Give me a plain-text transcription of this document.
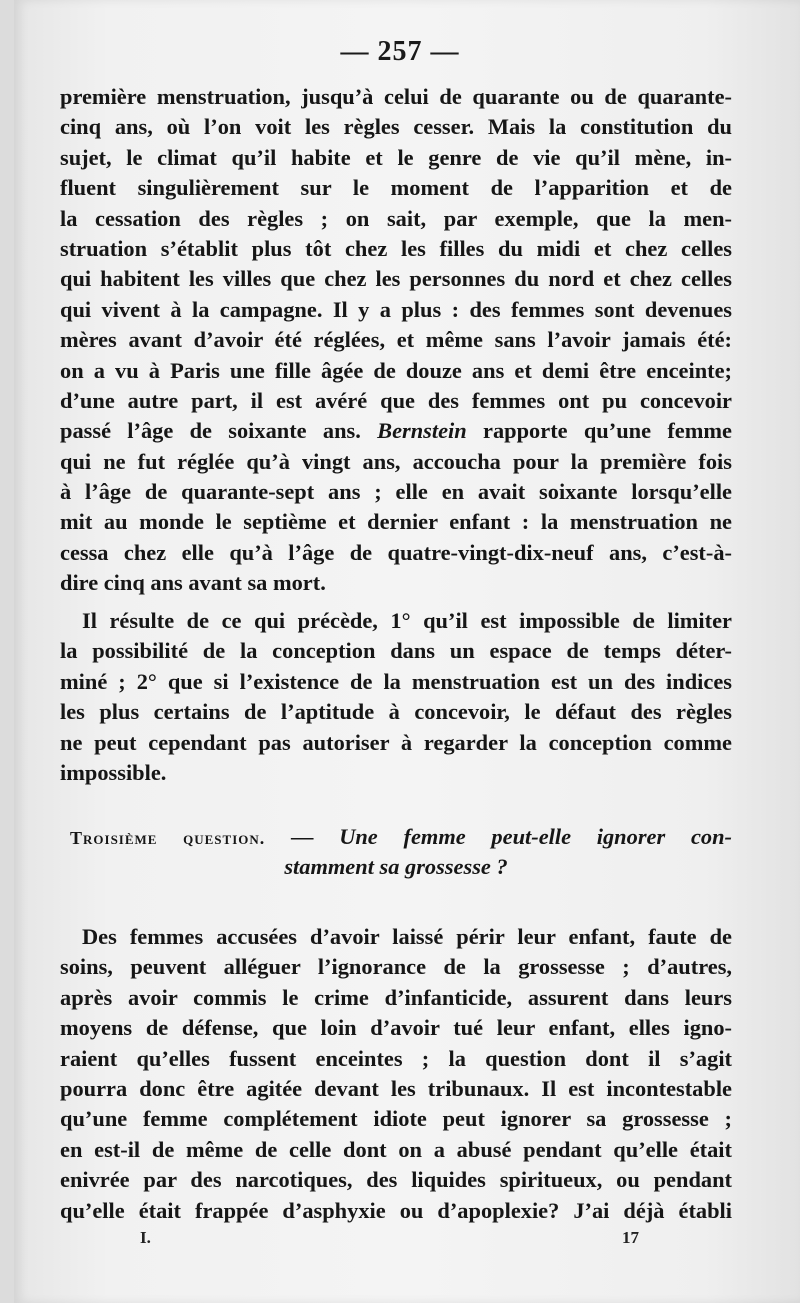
— 257 —
première menstruation, jusqu’à celui de quarante ou de quarante-
cinq ans, où l’on voit les règles cesser. Mais la constitution du
sujet, le climat qu’il habite et le genre de vie qu’il mène, in-
fluent singulièrement sur le moment de l’apparition et de
la cessation des règles ; on sait, par exemple, que la men-
struation s’établit plus tôt chez les filles du midi et chez celles
qui habitent les villes que chez les personnes du nord et chez celles
qui vivent à la campagne. Il y a plus : des femmes sont devenues
mères avant d’avoir été réglées, et même sans l’avoir jamais été:
on a vu à Paris une fille âgée de douze ans et demi être enceinte;
d’une autre part, il est avéré que des femmes ont pu concevoir
passé l’âge de soixante ans. Bernstein rapporte qu’une femme
qui ne fut réglée qu’à vingt ans, accoucha pour la première fois
à l’âge de quarante-sept ans ; elle en avait soixante lorsqu’elle
mit au monde le septième et dernier enfant : la menstruation ne
cessa chez elle qu’à l’âge de quatre-vingt-dix-neuf ans, c’est-à-
dire cinq ans avant sa mort.
Il résulte de ce qui précède, 1° qu’il est impossible de limiter
la possibilité de la conception dans un espace de temps déter-
miné ; 2° que si l’existence de la menstruation est un des indices
les plus certains de l’aptitude à concevoir, le défaut des règles
ne peut cependant pas autoriser à regarder la conception comme
impossible.
Troisième question. — Une femme peut-elle ignorer con-
stamment sa grossesse ?
Des femmes accusées d’avoir laissé périr leur enfant, faute de
soins, peuvent alléguer l’ignorance de la grossesse ; d’autres,
après avoir commis le crime d’infanticide, assurent dans leurs
moyens de défense, que loin d’avoir tué leur enfant, elles igno-
raient qu’elles fussent enceintes ; la question dont il s’agit
pourra donc être agitée devant les tribunaux. Il est incontestable
qu’une femme complétement idiote peut ignorer sa grossesse ;
en est-il de même de celle dont on a abusé pendant qu’elle était
enivrée par des narcotiques, des liquides spiritueux, ou pendant
qu’elle était frappée d’asphyxie ou d’apoplexie? J’ai déjà établi
I.	17
